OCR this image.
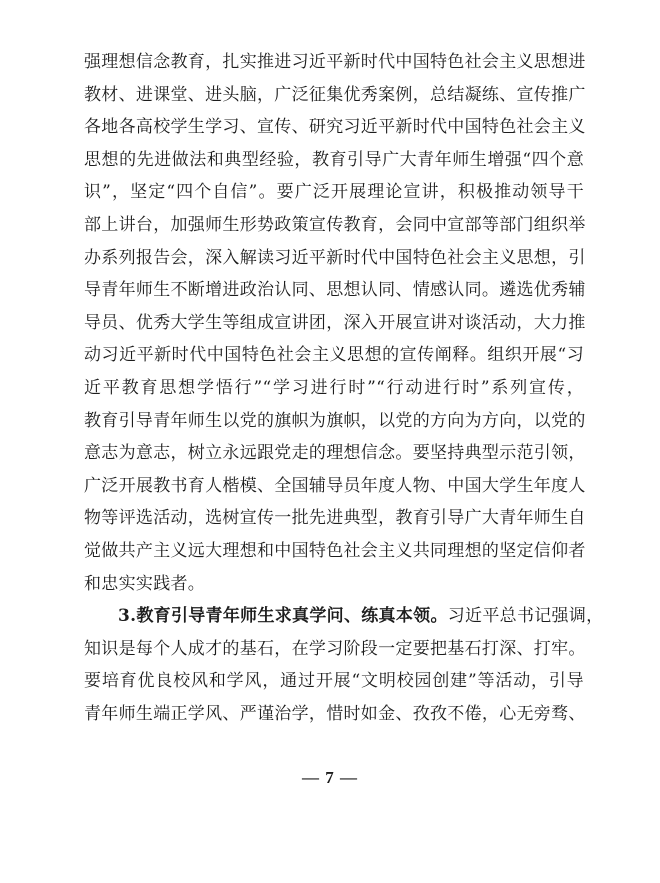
强理想信念教育，扎实推进习近平新时代中国特色社会主义思想进
教材、进课堂、进头脑，广泛征集优秀案例，总结凝练、宣传推广
各地各高校学生学习、宣传、研究习近平新时代中国特色社会主义
思想的先进做法和典型经验，教育引导广大青年师生增强“四个意
识”，坚定“四个自信”。要广泛开展理论宣讲，积极推动领导干
部上讲台，加强师生形势政策宣传教育，会同中宣部等部门组织举
办系列报告会，深入解读习近平新时代中国特色社会主义思想，引
导青年师生不断增进政治认同、思想认同、情感认同。遴选优秀辅
导员、优秀大学生等组成宣讲团，深入开展宣讲对谈活动，大力推
动习近平新时代中国特色社会主义思想的宣传阐释。组织开展“习
近平教育思想学悟行”“学习进行时”“行动进行时”系列宣传，
教育引导青年师生以党的旗帜为旗帜，以党的方向为方向，以党的
意志为意志，树立永远跟党走的理想信念。要坚持典型示范引领，
广泛开展教书育人楷模、全国辅导员年度人物、中国大学生年度人
物等评选活动，选树宣传一批先进典型，教育引导广大青年师生自
觉做共产主义远大理想和中国特色社会主义共同理想的坚定信仰者
和忠实实践者。
3.教育引导青年师生求真学问、练真本领。习近平总书记强调，
知识是每个人成才的基石，在学习阶段一定要把基石打深、打牢。
要培育优良校风和学风，通过开展“文明校园创建”等活动，引导
青年师生端正学风、严谨治学，惜时如金、孜孜不倦，心无旁骛、
— 7 —
